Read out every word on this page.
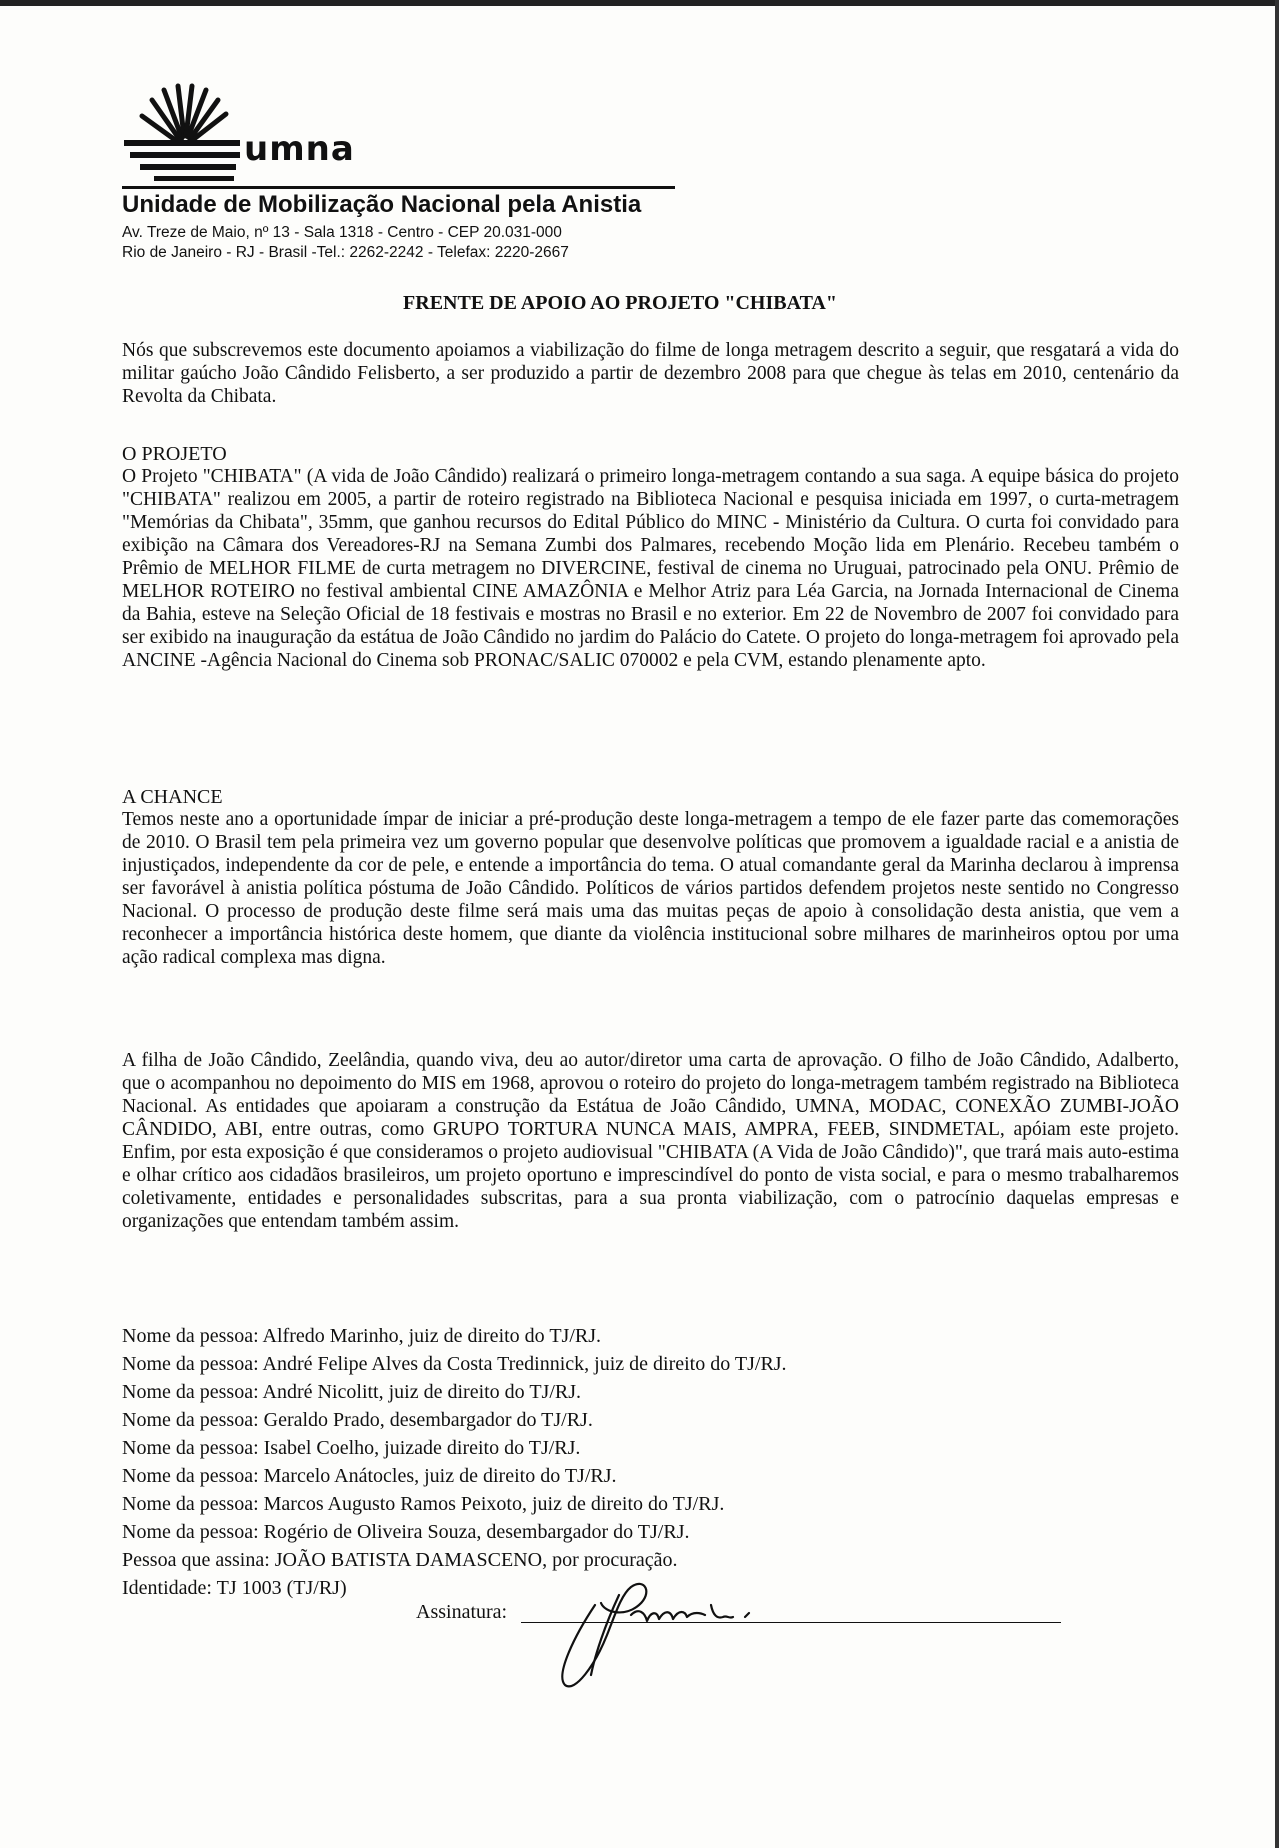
umna
Unidade de Mobilização Nacional pela Anistia
Av. Treze de Maio, nº 13 - Sala 1318 - Centro - CEP 20.031-000
Rio de Janeiro - RJ - Brasil -Tel.: 2262-2242 - Telefax: 2220-2667
FRENTE DE APOIO AO PROJETO "CHIBATA"
Nós que subscrevemos este documento apoiamos a viabilização do filme de longa metragem descrito a seguir, que resgatará a vida do militar gaúcho João Cândido Felisberto, a ser produzido a partir de dezembro 2008 para que chegue às telas em 2010, centenário da Revolta da Chibata.
O PROJETO
O Projeto "CHIBATA" (A vida de João Cândido) realizará o primeiro longa-metragem contando a sua saga. A equipe básica do projeto "CHIBATA" realizou em 2005, a partir de roteiro registrado na Biblioteca Nacional e pesquisa iniciada em 1997, o curta-metragem "Memórias da Chibata", 35mm, que ganhou recursos do Edital Público do MINC - Ministério da Cultura. O curta foi convidado para exibição na Câmara dos Vereadores-RJ na Semana Zumbi dos Palmares, recebendo Moção lida em Plenário. Recebeu também o Prêmio de MELHOR FILME de curta metragem no DIVERCINE, festival de cinema no Uruguai, patrocinado pela ONU. Prêmio de MELHOR ROTEIRO no festival ambiental CINE AMAZÔNIA e Melhor Atriz para Léa Garcia, na Jornada Internacional de Cinema da Bahia, esteve na Seleção Oficial de 18 festivais e mostras no Brasil e no exterior. Em 22 de Novembro de 2007 foi convidado para ser exibido na inauguração da estátua de João Cândido no jardim do Palácio do Catete. O projeto do longa-metragem foi aprovado pela ANCINE -Agência Nacional do Cinema sob PRONAC/SALIC 070002 e pela CVM, estando plenamente apto.
A CHANCE
Temos neste ano a oportunidade ímpar de iniciar a pré-produção deste longa-metragem a tempo de ele fazer parte das comemorações de 2010. O Brasil tem pela primeira vez um governo popular que desenvolve políticas que promovem a igualdade racial e a anistia de injustiçados, independente da cor de pele, e entende a importância do tema. O atual comandante geral da Marinha declarou à imprensa ser favorável à anistia política póstuma de João Cândido. Políticos de vários partidos defendem projetos neste sentido no Congresso Nacional. O processo de produção deste filme será mais uma das muitas peças de apoio à consolidação desta anistia, que vem a reconhecer a importância histórica deste homem, que diante da violência institucional sobre milhares de marinheiros optou por uma ação radical complexa mas digna.
A filha de João Cândido, Zeelândia, quando viva, deu ao autor/diretor uma carta de aprovação. O filho de João Cândido, Adalberto, que o acompanhou no depoimento do MIS em 1968, aprovou o roteiro do projeto do longa-metragem também registrado na Biblioteca Nacional. As entidades que apoiaram a construção da Estátua de João Cândido, UMNA, MODAC, CONEXÃO ZUMBI-JOÃO CÂNDIDO, ABI, entre outras, como GRUPO TORTURA NUNCA MAIS, AMPRA, FEEB, SINDMETAL, apóiam este projeto. Enfim, por esta exposição é que consideramos o projeto audiovisual "CHIBATA (A Vida de João Cândido)", que trará mais auto-estima e olhar crítico aos cidadãos brasileiros, um projeto oportuno e imprescindível do ponto de vista social, e para o mesmo trabalharemos coletivamente, entidades e personalidades subscritas, para a sua pronta viabilização, com o patrocínio daquelas empresas e organizações que entendam também assim.
Nome da pessoa: Alfredo Marinho, juiz de direito do TJ/RJ.
Nome da pessoa: André Felipe Alves da Costa Tredinnick, juiz de direito do TJ/RJ.
Nome da pessoa: André Nicolitt, juiz de direito do TJ/RJ.
Nome da pessoa: Geraldo Prado, desembargador do TJ/RJ.
Nome da pessoa: Isabel Coelho, juizade direito do TJ/RJ.
Nome da pessoa: Marcelo Anátocles, juiz de direito do TJ/RJ.
Nome da pessoa: Marcos Augusto Ramos Peixoto, juiz de direito do TJ/RJ.
Nome da pessoa: Rogério de Oliveira Souza, desembargador do TJ/RJ.
Pessoa que assina: JOÃO BATISTA DAMASCENO, por procuração.
Identidade: TJ 1003 (TJ/RJ)
Assinatura:
